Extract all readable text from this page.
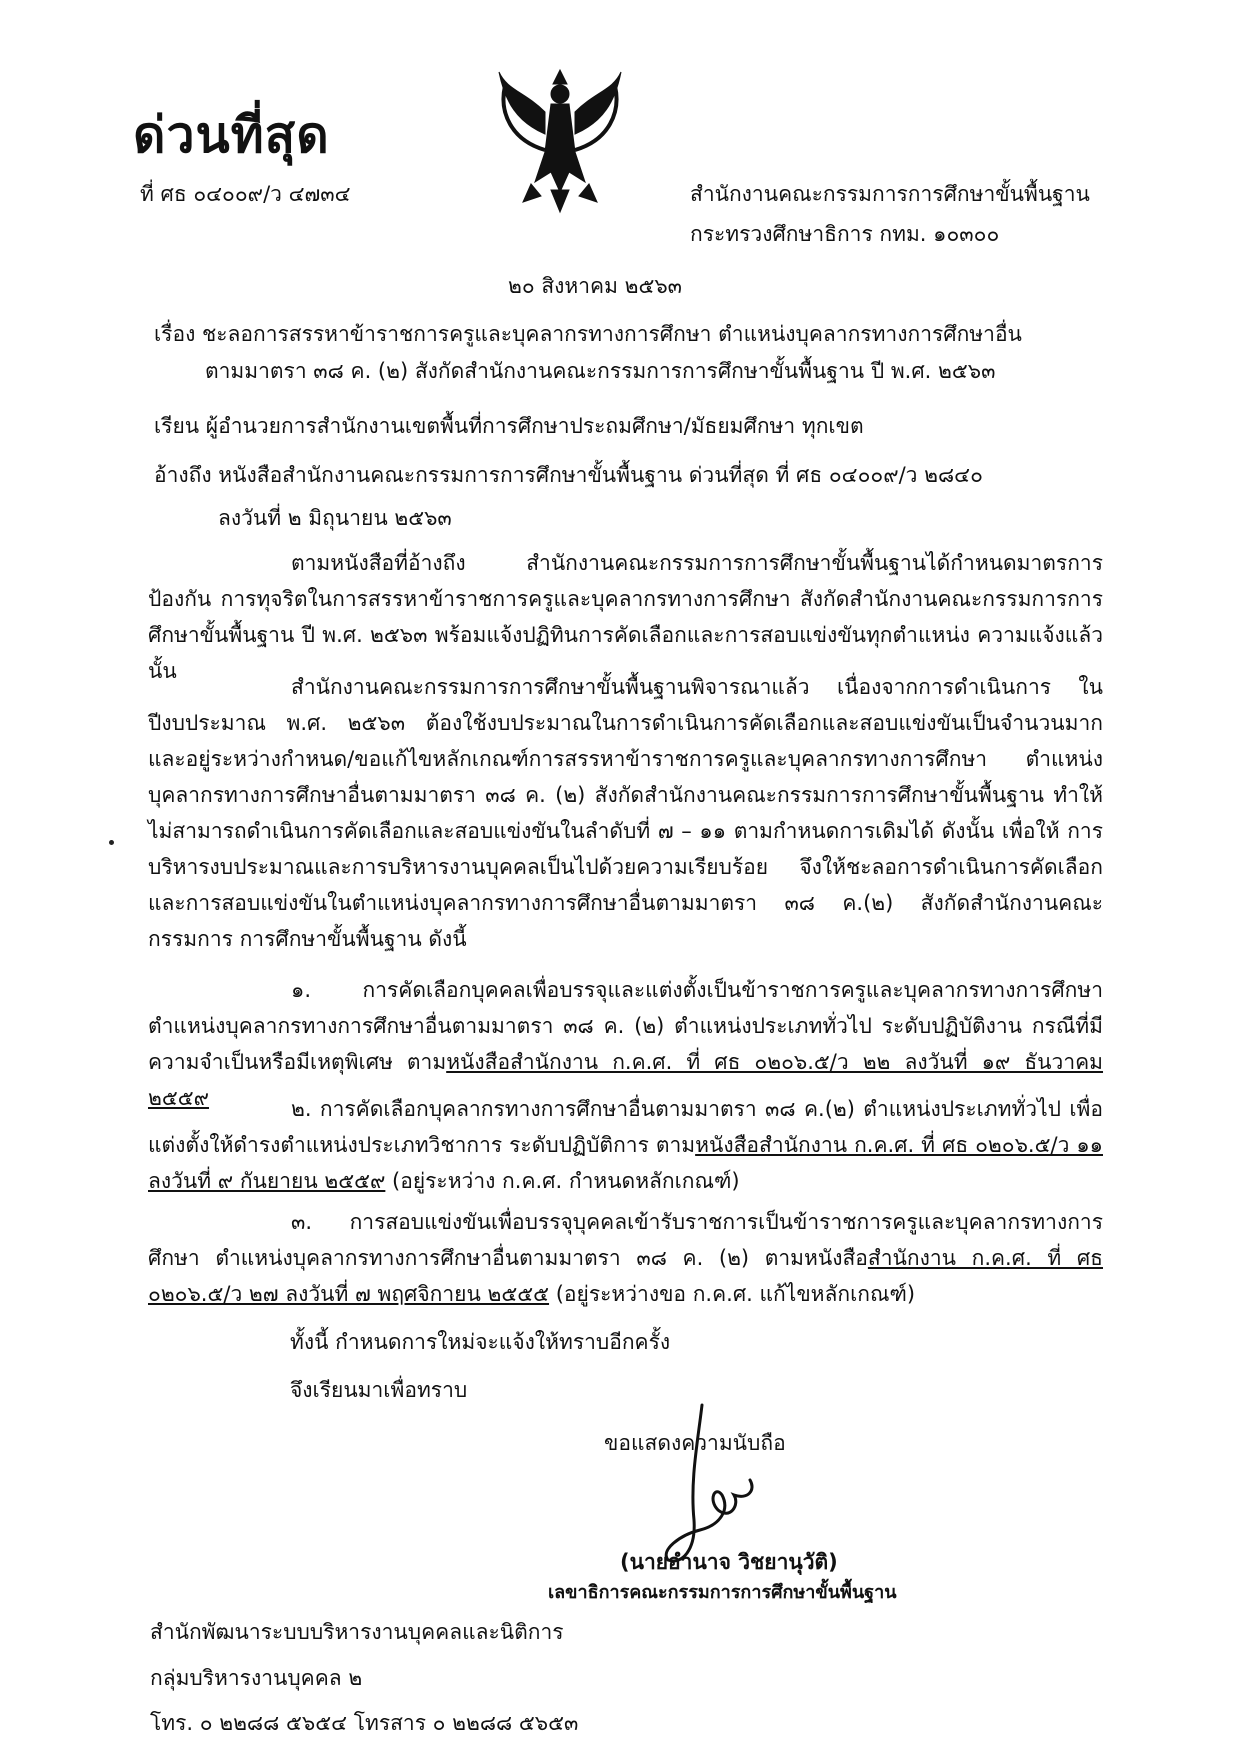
ด่วนที่สุด
ที่ ศธ ๐๔๐๐๙/ว ๔๗๓๔	สำนักงานคณะกรรมการการศึกษาขั้นพื้นฐาน
กระทรวงศึกษาธิการ กทม. ๑๐๓๐๐
๒๐ สิงหาคม ๒๕๖๓
เรื่อง ชะลอการสรรหาข้าราชการครูและบุคลากรทางการศึกษา ตำแหน่งบุคลากรทางการศึกษาอื่น
ตามมาตรา ๓๘ ค. (๒) สังกัดสำนักงานคณะกรรมการการศึกษาขั้นพื้นฐาน ปี พ.ศ. ๒๕๖๓
เรียน ผู้อำนวยการสำนักงานเขตพื้นที่การศึกษาประถมศึกษา/มัธยมศึกษา ทุกเขต
อ้างถึง หนังสือสำนักงานคณะกรรมการการศึกษาขั้นพื้นฐาน ด่วนที่สุด ที่ ศธ ๐๔๐๐๙/ว ๒๘๔๐
ลงวันที่ ๒ มิถุนายน ๒๕๖๓
ตามหนังสือที่อ้างถึง สำนักงานคณะกรรมการการศึกษาขั้นพื้นฐานได้กำหนดมาตรการป้องกัน การทุจริตในการสรรหาข้าราชการครูและบุคลากรทางการศึกษา สังกัดสำนักงานคณะกรรมการการศึกษาขั้นพื้นฐาน ปี พ.ศ. ๒๕๖๓ พร้อมแจ้งปฏิทินการคัดเลือกและการสอบแข่งขันทุกตำแหน่ง ความแจ้งแล้ว นั้น
สำนักงานคณะกรรมการการศึกษาขั้นพื้นฐานพิจารณาแล้ว เนื่องจากการดำเนินการ ในปีงบประมาณ พ.ศ. ๒๕๖๓ ต้องใช้งบประมาณในการดำเนินการคัดเลือกและสอบแข่งขันเป็นจำนวนมาก และอยู่ระหว่างกำหนด/ขอแก้ไขหลักเกณฑ์การสรรหาข้าราชการครูและบุคลากรทางการศึกษา ตำแหน่ง บุคลากรทางการศึกษาอื่นตามมาตรา ๓๘ ค. (๒) สังกัดสำนักงานคณะกรรมการการศึกษาขั้นพื้นฐาน ทำให้ไม่สามารถดำเนินการคัดเลือกและสอบแข่งขันในลำดับที่ ๗ – ๑๑ ตามกำหนดการเดิมได้ ดังนั้น เพื่อให้ การบริหารงบประมาณและการบริหารงานบุคคลเป็นไปด้วยความเรียบร้อย จึงให้ชะลอการดำเนินการคัดเลือก และการสอบแข่งขันในตำแหน่งบุคลากรทางการศึกษาอื่นตามมาตรา ๓๘ ค.(๒) สังกัดสำนักงานคณะกรรมการ การศึกษาขั้นพื้นฐาน ดังนี้
๑. การคัดเลือกบุคคลเพื่อบรรจุและแต่งตั้งเป็นข้าราชการครูและบุคลากรทางการศึกษา ตำแหน่งบุคลากรทางการศึกษาอื่นตามมาตรา ๓๘ ค. (๒) ตำแหน่งประเภททั่วไป ระดับปฏิบัติงาน กรณีที่มี ความจำเป็นหรือมีเหตุพิเศษ ตามหนังสือสำนักงาน ก.ค.ศ. ที่ ศธ ๐๒๐๖.๕/ว ๒๒ ลงวันที่ ๑๙ ธันวาคม ๒๕๕๙	๒. การคัดเลือกบุคลากรทางการศึกษาอื่นตามมาตรา ๓๘ ค.(๒) ตำแหน่งประเภททั่วไป เพื่อแต่งตั้งให้ดำรงตำแหน่งประเภทวิชาการ ระดับปฏิบัติการ ตามหนังสือสำนักงาน ก.ค.ศ. ที่ ศธ ๐๒๐๖.๕/ว ๑๑ ลงวันที่ ๙ กันยายน ๒๕๕๙ (อยู่ระหว่าง ก.ค.ศ. กำหนดหลักเกณฑ์)
๓. การสอบแข่งขันเพื่อบรรจุบุคคลเข้ารับราชการเป็นข้าราชการครูและบุคลากรทางการศึกษา ตำแหน่งบุคลากรทางการศึกษาอื่นตามมาตรา ๓๘ ค. (๒) ตามหนังสือสำนักงาน ก.ค.ศ. ที่ ศธ ๐๒๐๖.๕/ว ๒๗ ลงวันที่ ๗ พฤศจิกายน ๒๕๕๕ (อยู่ระหว่างขอ ก.ค.ศ. แก้ไขหลักเกณฑ์)
ทั้งนี้ กำหนดการใหม่จะแจ้งให้ทราบอีกครั้ง
จึงเรียนมาเพื่อทราบ
ขอแสดงความนับถือ
(นายอำนาจ วิชยานุวัติ)
เลขาธิการคณะกรรมการการศึกษาขั้นพื้นฐาน
สำนักพัฒนาระบบบริหารงานบุคคลและนิติการ
กลุ่มบริหารงานบุคคล ๒
โทร. ๐ ๒๒๘๘ ๕๖๕๔ โทรสาร ๐ ๒๒๘๘ ๕๖๕๓
